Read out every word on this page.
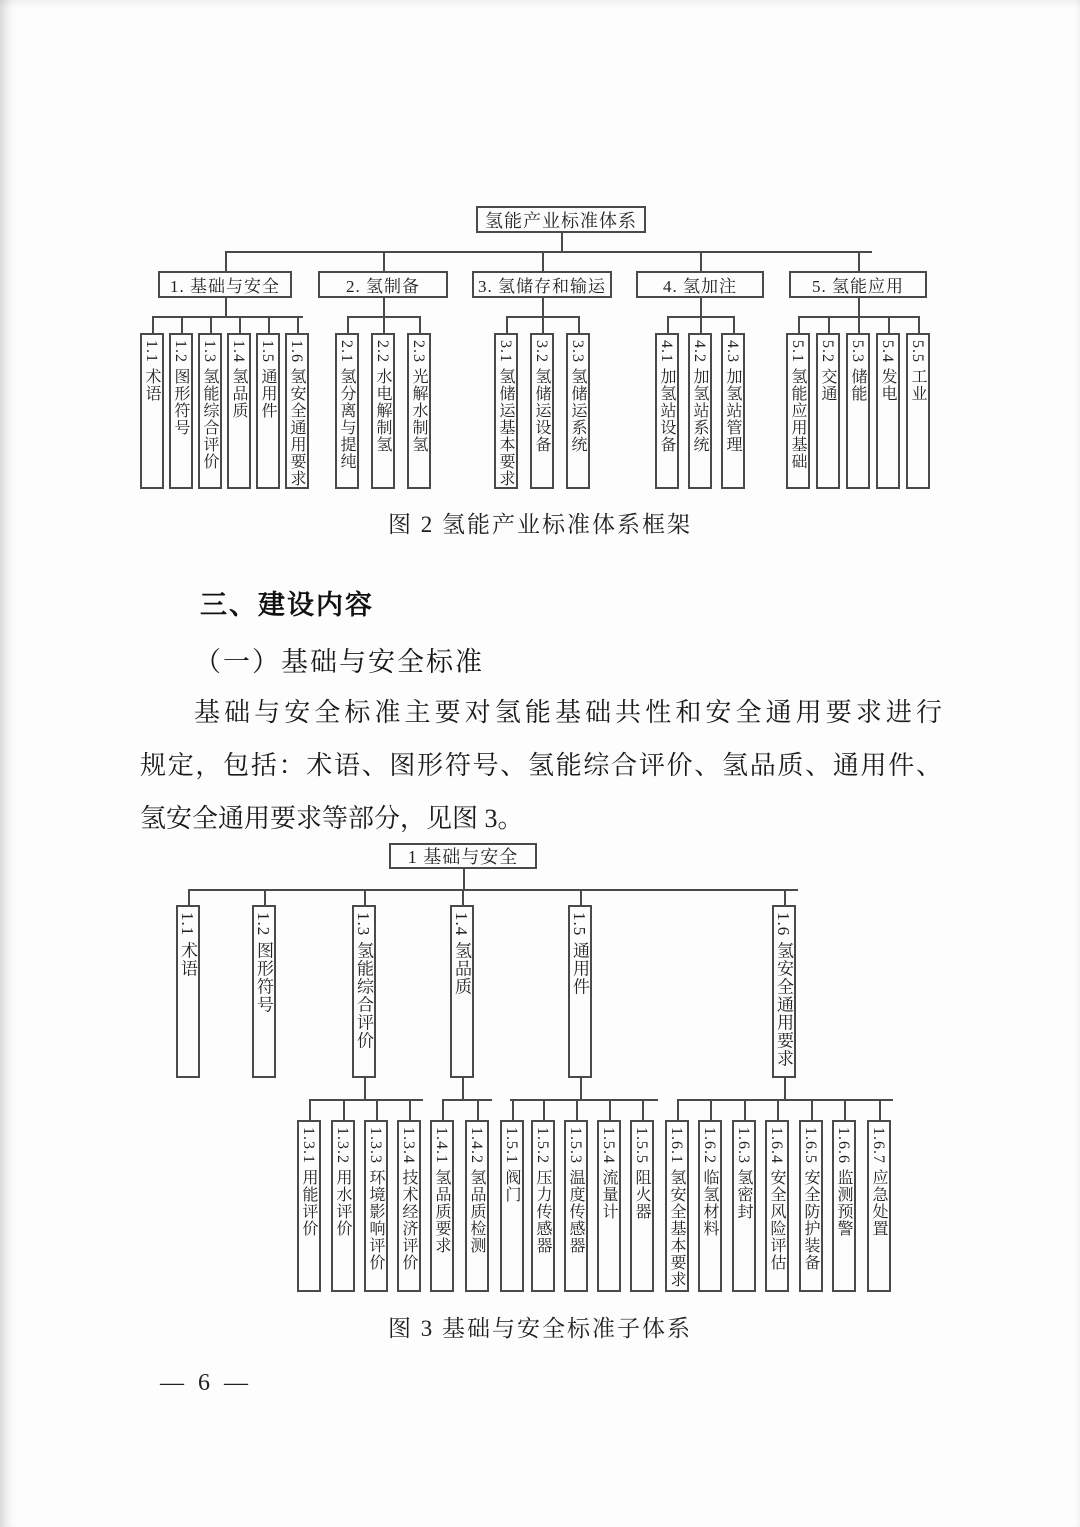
氢能产业标准体系
1. 基础与安全
1.1 术语 1.2 图形符号 1.3 氢能综合评价 1.4 氢品质 1.5 通用件 1.6 氢安全通用要求
2. 氢制备
2.1 氢分离与提纯 2.2 水电解制氢 2.3 光解水制氢
3. 氢储存和输运
3.1 氢储运基本要求 3.2 氢储运设备 3.3 氢储运系统
4. 氢加注
4.1 加氢站设备 4.2 加氢站系统 4.3 加氢站管理
5. 氢能应用
5.1 氢能应用基础 5.2 交通 5.3 储能 5.4 发电 5.5 工业
图 2 氢能产业标准体系框架
三、建设内容
（一）基础与安全标准
基础与安全标准主要对氢能基础共性和安全通用要求进行
规定，包括：术语、图形符号、氢能综合评价、氢品质、通用件、
氢安全通用要求等部分，见图 3。
1 基础与安全
1.1 术语	1.2 图形符号	1.3 氢能综合评价
1.3.1 用能评价 1.3.2 用水评价 1.3.3 环境影响评价 1.3.4 技术经济评价
1.4 氢品质
1.4.1 氢品质要求 1.4.2 氢品质检测
1.5 通用件
1.5.1 阀门 1.5.2 压力传感器 1.5.3 温度传感器 1.5.4 流量计 1.5.5 阻火器
1.6 氢安全通用要求
1.6.1 氢安全基本要求 1.6.2 临氢材料 1.6.3 氢密封 1.6.4 安全风险评估 1.6.5 安全防护装备 1.6.6 监测预警 1.6.7 应急处置
图 3 基础与安全标准子体系
— 6 —
